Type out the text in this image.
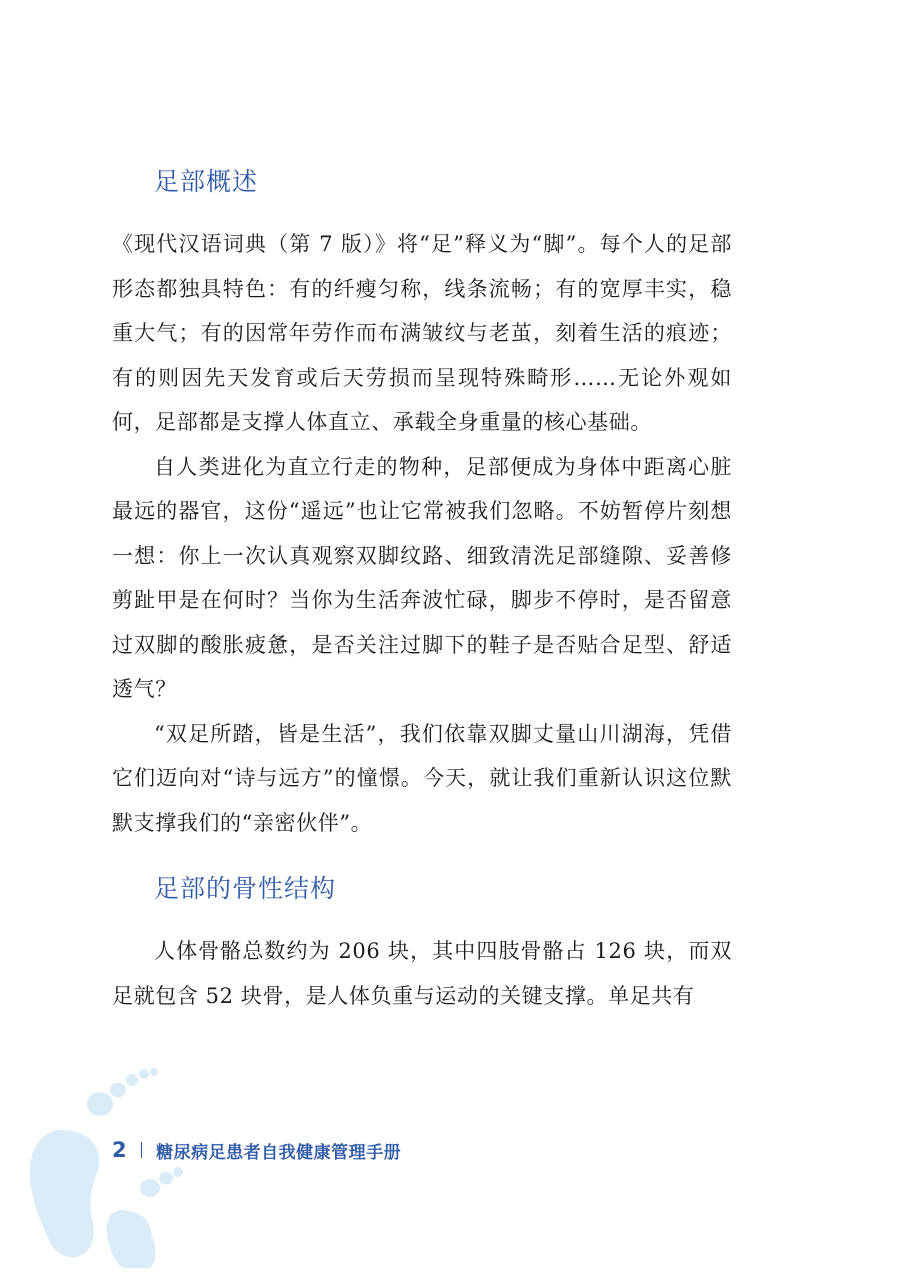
足部概述

《现代汉语词典（第 7 版）》将“足”释义为“脚”。每个人的足部形态都独具特色：有的纤瘦匀称，线条流畅；有的宽厚丰实，稳重大气；有的因常年劳作而布满皱纹与老茧，刻着生活的痕迹；有的则因先天发育或后天劳损而呈现特殊畸形……无论外观如何，足部都是支撑人体直立、承载全身重量的核心基础。

自人类进化为直立行走的物种，足部便成为身体中距离心脏最远的器官，这份“遥远”也让它常被我们忽略。不妨暂停片刻想一想：你上一次认真观察双脚纹路、细致清洗足部缝隙、妥善修剪趾甲是在何时？当你为生活奔波忙碌，脚步不停时，是否留意过双脚的酸胀疲惫，是否关注过脚下的鞋子是否贴合足型、舒适透气？

“双足所踏，皆是生活”，我们依靠双脚丈量山川湖海，凭借它们迈向对“诗与远方”的憧憬。今天，就让我们重新认识这位默默支撑我们的“亲密伙伴”。

足部的骨性结构

人体骨骼总数约为 206 块，其中四肢骨骼占 126 块，而双足就包含 52 块骨，是人体负重与运动的关键支撑。单足共有

2 糖尿病足患者自我健康管理手册
